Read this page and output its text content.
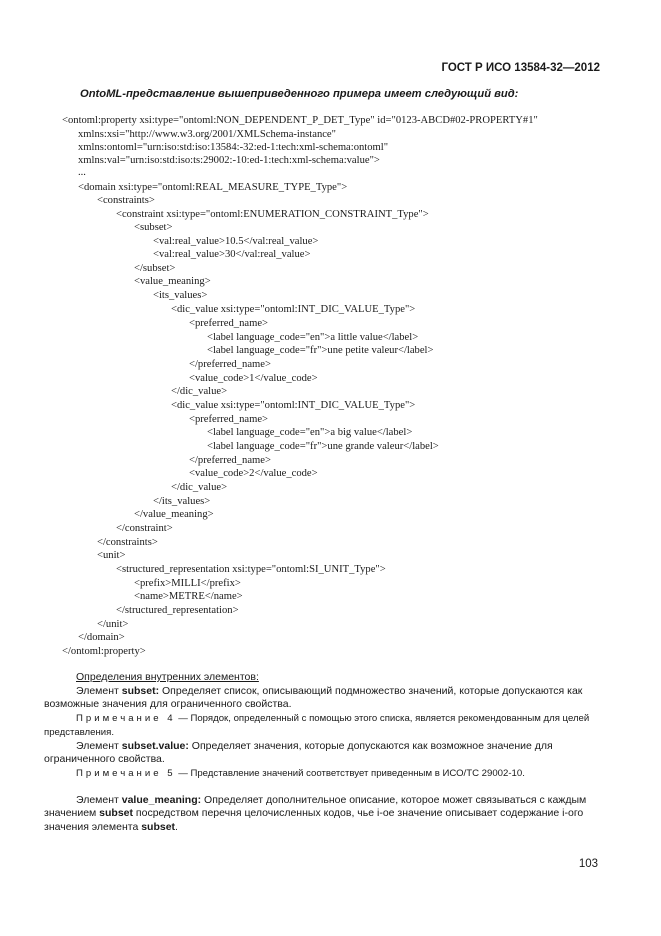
ГОСТ Р ИСО 13584-32—2012
OntoML-представление вышеприведенного примера имеет следующий вид:
<ontoml:property xsi:type="ontoml:NON_DEPENDENT_P_DET_Type" id="0123-ABCD#02-PROPERTY#1"
xmlns:xsi="http://www.w3.org/2001/XMLSchema-instance"
xmlns:ontoml="urn:iso:std:iso:13584:-32:ed-1:tech:xml-schema:ontoml"
xmlns:val="urn:iso:std:iso:ts:29002:-10:ed-1:tech:xml-schema:value">
...
<domain xsi:type="ontoml:REAL_MEASURE_TYPE_Type">
<constraints>
<constraint xsi:type="ontoml:ENUMERATION_CONSTRAINT_Type">
<subset>
<val:real_value>10.5</val:real_value>
<val:real_value>30</val:real_value>
</subset>
<value_meaning>
<its_values>
<dic_value xsi:type="ontoml:INT_DIC_VALUE_Type">
<preferred_name>
<label language_code="en">a little value</label>
<label language_code="fr">une petite valeur</label>
</preferred_name>
<value_code>1</value_code>
</dic_value>
<dic_value xsi:type="ontoml:INT_DIC_VALUE_Type">
<preferred_name>
<label language_code="en">a big value</label>
<label language_code="fr">une grande valeur</label>
</preferred_name>
<value_code>2</value_code>
</dic_value>
</its_values>
</value_meaning>
</constraint>
</constraints>
<unit>
<structured_representation xsi:type="ontoml:SI_UNIT_Type">
<prefix>MILLI</prefix>
<name>METRE</name>
</structured_representation>
</unit>
</domain>
</ontoml:property>

Определения внутренних элементов:

Элемент subset: Определяет список, описывающий подмножество значений, которые допускаются как возможные значения для ограниченного свойства.

Примечание 4 — Порядок, определенный с помощью этого списка, является рекомендованным для целей представления.

Элемент subset.value: Определяет значения, которые допускаются как возможное значение для ограниченного свойства.

Примечание 5 — Представление значений соответствует приведенным в ИСО/ТС 29002-10.

Элемент value_meaning: Определяет дополнительное описание, которое может связываться с каждым значением subset посредством перечня целочисленных кодов, чье i-ое значение описывает содержание i-ого значения элемента subset.

103
